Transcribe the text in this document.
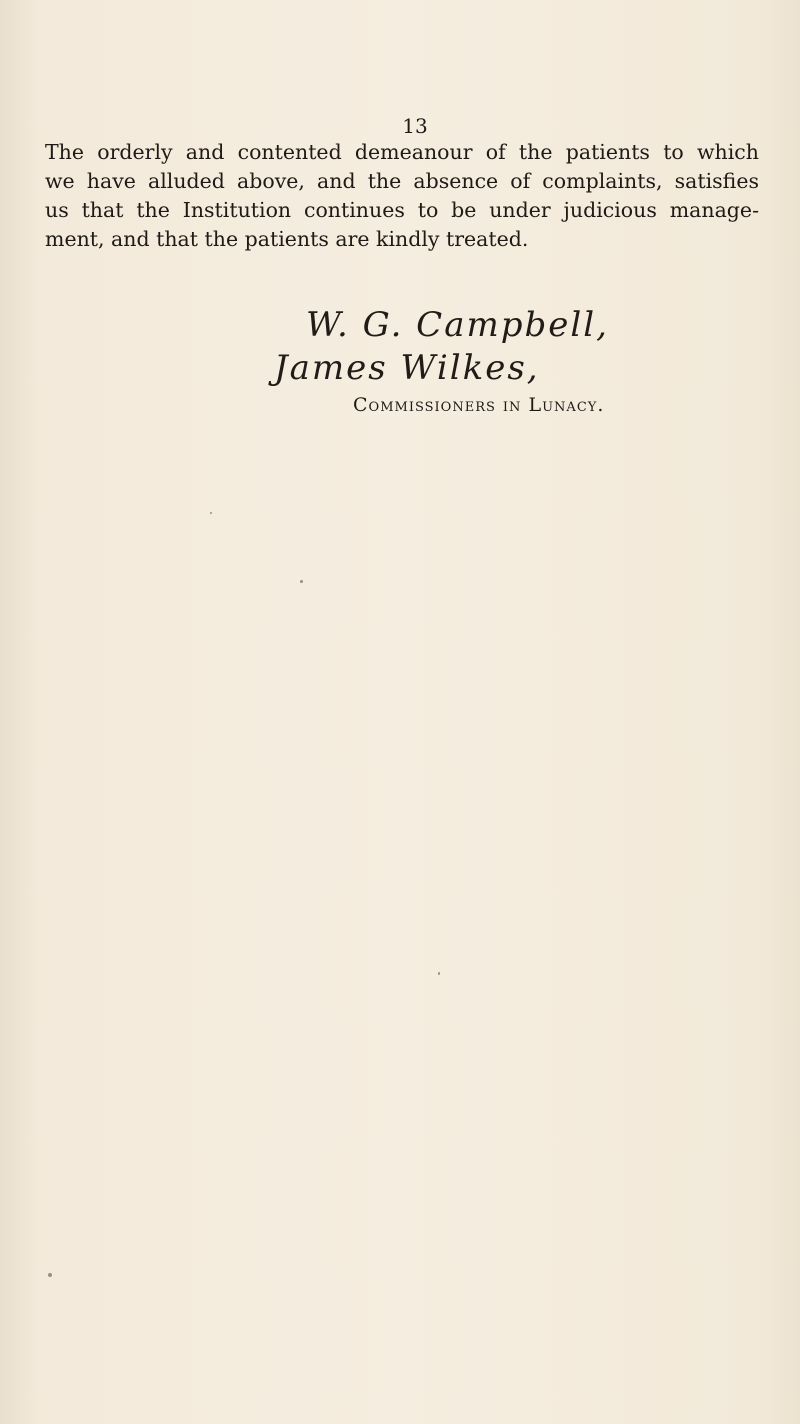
13

The orderly and contented demeanour of the patients to which
we have alluded above, and the absence of complaints, satisfies
us that the Institution continues to be under judicious manage-
ment, and that the patients are kindly treated.

W. G. Campbell,
James Wilkes,
Commissioners in Lunacy.
